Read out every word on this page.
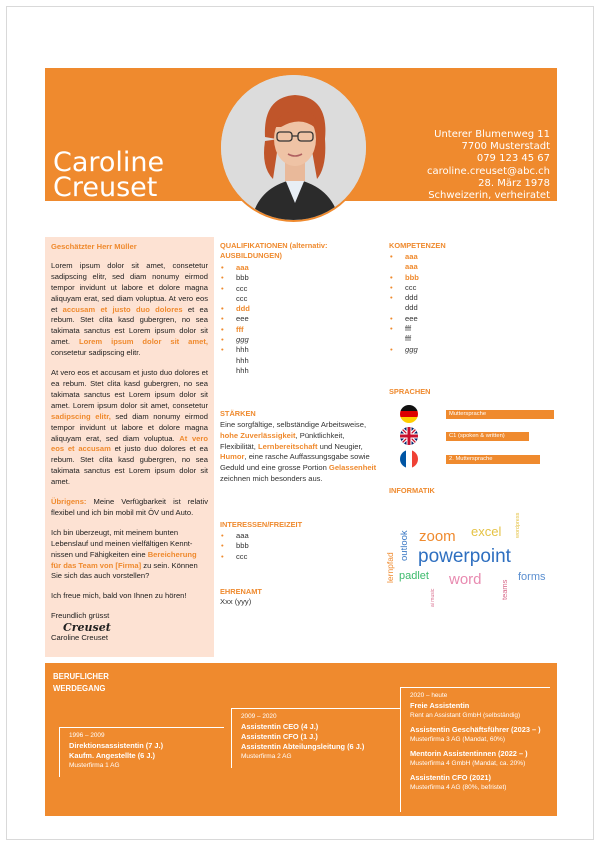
Caroline
Creuset
Unterer Blumenweg 11
7700 Musterstadt
079 123 45 67
caroline.creuset@abc.ch
28. März 1978
Schweizerin, verheiratet
Geschätzter Herr Müller

Lorem ipsum dolor sit amet, consetetur sadipscing elitr, sed diam nonumy eirmod tempor invidunt ut labore et dolore magna aliquyam erat, sed diam voluptua. At vero eos et accusam et justo duo dolores et ea rebum. Stet clita kasd gubergren, no sea takimata sanctus est Lorem ipsum dolor sit amet. Lorem ipsum dolor sit amet, consetetur sadipscing elitr.

At vero eos et accusam et justo duo dolores et ea rebum. Stet clita kasd gubergren, no sea takimata sanctus est Lorem ipsum dolor sit amet. Lorem ipsum dolor sit amet, consetetur sadipscing elitr, sed diam nonumy eirmod tempor invidunt ut labore et dolore magna aliquyam erat, sed diam voluptua. At vero eos et accusam et justo duo dolores et ea rebum. Stet clita kasd gubergren, no sea takimata sanctus est Lorem ipsum dolor sit amet.

Übrigens: Meine Verfügbarkeit ist relativ flexibel und ich bin mobil mit ÖV und Auto.

Ich bin überzeugt, mit meinem bunten Lebenslauf und meinen vielfältigen Kennt-nissen und Fähigkeiten eine Bereicherung für das Team von [Firma] zu sein. Können Sie sich das auch vorstellen?

Ich freue mich, bald von Ihnen zu hören!

Freundlich grüsst
Creuset
Caroline Creuset
QUALIFIKATIONEN (alternativ: AUSBILDUNGEN)
• aaa
• bbb
• ccc
ccc
• ddd
• eee
• fff
• ggg
• hhh
hhh
hhh
STÄRKEN
Eine sorgfältige, selbständige Arbeitsweise, hohe Zuverlässigkeit, Pünktlichkeit, Flexibilität, Lernbereitschaft und Neugier, Humor, eine rasche Auffassungsgabe sowie Geduld und eine grosse Portion Gelassenheit zeichnen mich besonders aus.
INTERESSEN/FREIZEIT
• aaa
• bbb
• ccc
EHRENAMT
Xxx (yyy)
KOMPETENZEN
• aaa
aaa
• bbb
• ccc
• ddd
ddd
• eee
• fff
fff
• ggg
SPRACHEN
Muttersprache
C1 (spoken & written)
2. Muttersprache
INFORMATIK
zoom excel wordpress
outlook powerpoint
lernpfad padlet word	forms
teams
ai music
BERUFLICHER WERDEGANG
1996 – 2009
Direktionsassistentin (7 J.)
Kaufm. Angestellte (6 J.)
Musterfirma 1 AG
2009 – 2020
Assistentin CEO (4 J.)
Assistentin CFO (1 J.)
Assistentin Abteilungsleitung (6 J.)
Musterfirma 2 AG
2020 – heute
Freie Assistentin
Rent an Assistant GmbH (selbständig)
Assistentin Geschäftsführer (2023 – )
Musterfirma 3 AG (Mandat, 60%)
Mentorin Assistentinnen (2022 – )
Musterfirma 4 GmbH (Mandat, ca. 20%)
Assistentin CFO (2021)
Musterfirma 4 AG (80%, befristet)
